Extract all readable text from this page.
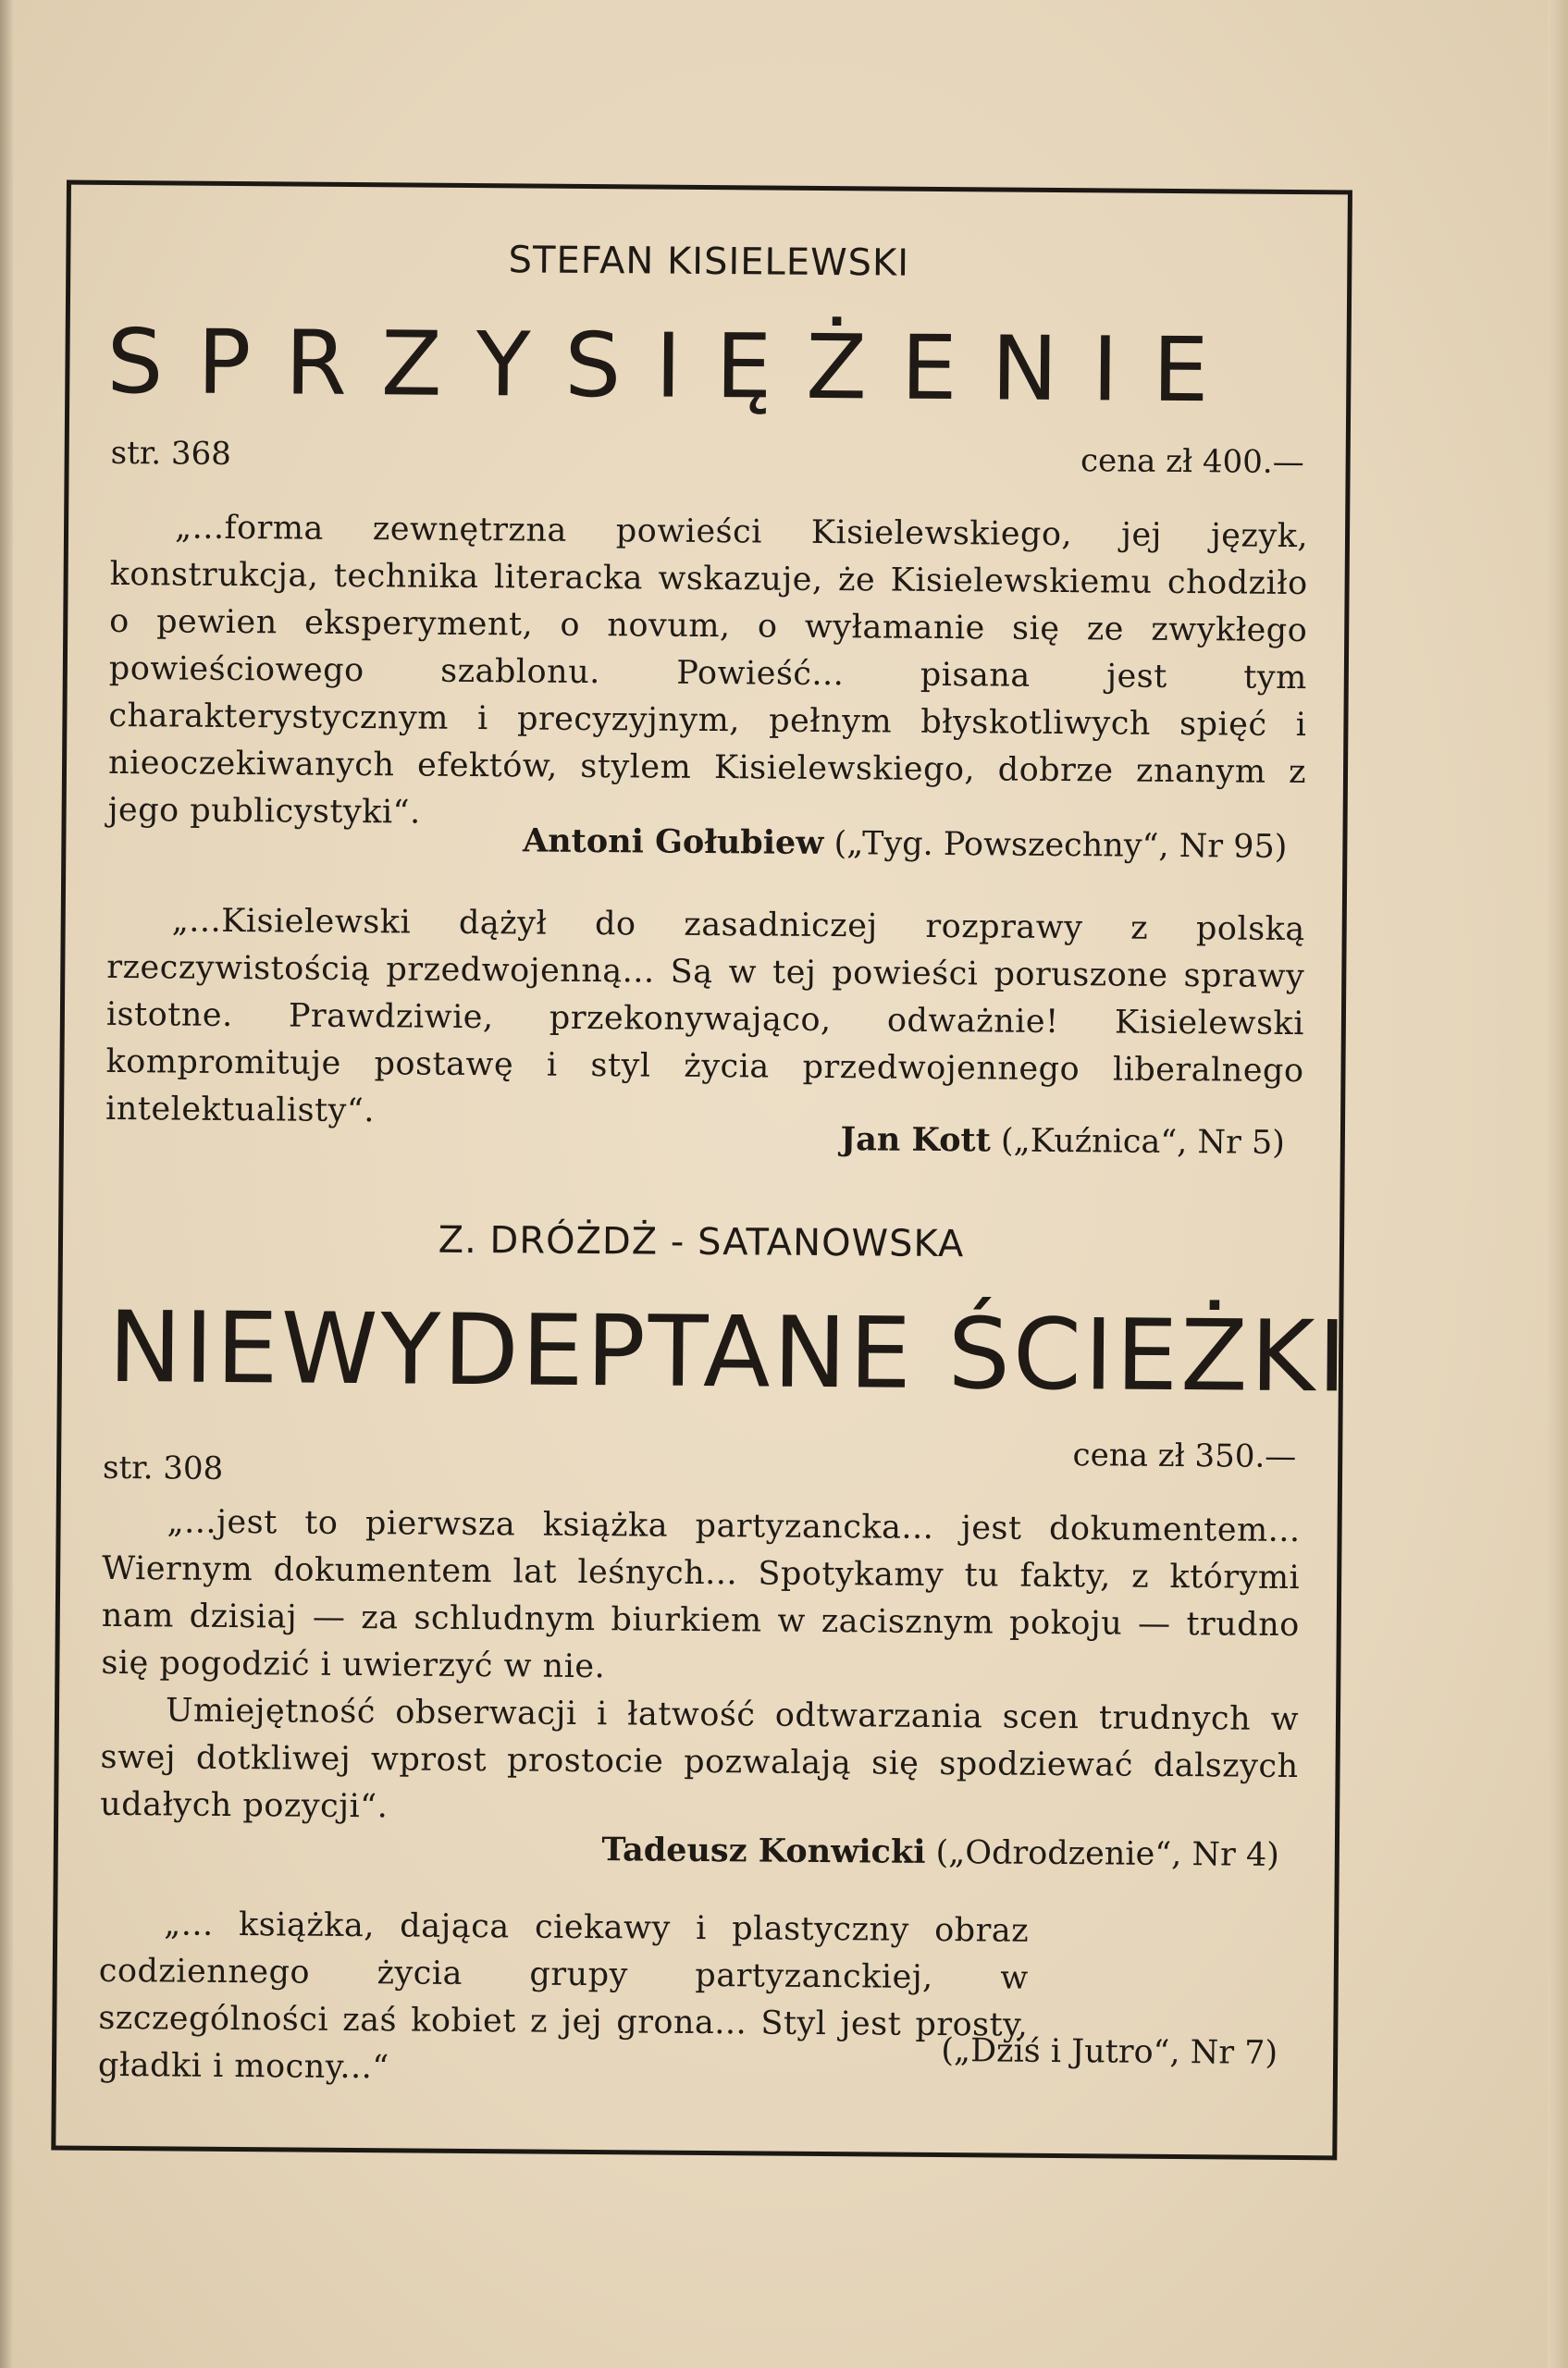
STEFAN KISIELEWSKI
SPRZYSIĘŻENIE
str. 368	cena zł 400.—
„...forma zewnętrzna powieści Kisielewskiego, jej język, konstrukcja, technika literacka wskazuje, że Kisielewskiemu chodziło o pewien eksperyment, o novum, o wyłamanie się ze zwykłego powieściowego szablonu. Powieść... pisana jest tym charakterystycznym i precyzyjnym, pełnym błyskotliwych spięć i nieoczekiwanych efektów, stylem Kisielewskiego, dobrze znanym z jego publicystyki“.
Antoni Gołubiew („Tyg. Powszechny“, Nr 95)
„...Kisielewski dążył do zasadniczej rozprawy z polską rzeczywistością przedwojenną... Są w tej powieści poruszone sprawy istotne. Prawdziwie, przekonywająco, odważnie! Kisielewski kompromituje postawę i styl życia przedwojennego liberalnego intelektualisty“.
Jan Kott („Kuźnica“, Nr 5)
Z. DRÓŻDŻ - SATANOWSKA
NIEWYDEPTANE ŚCIEŻKI
str. 308	cena zł 350.—

„...jest to pierwsza książka partyzancka... jest dokumentem... Wiernym dokumentem lat leśnych... Spotykamy tu fakty, z którymi nam dzisiaj — za schludnym biurkiem w zacisznym pokoju — trudno się pogodzić i uwierzyć w nie.

Umiejętność obserwacji i łatwość odtwarzania scen trudnych w swej dotkliwej wprost prostocie pozwalają się spodziewać dalszych udałych pozycji“.

Tadeusz Konwicki („Odrodzenie“, Nr 4)
„... książka, dająca ciekawy i plastyczny obraz codziennego życia grupy partyzanckiej, w szczególności zaś kobiet z jej grona... Styl jest prosty, gładki i mocny...“	(„Dziś i Jutro“, Nr 7)
